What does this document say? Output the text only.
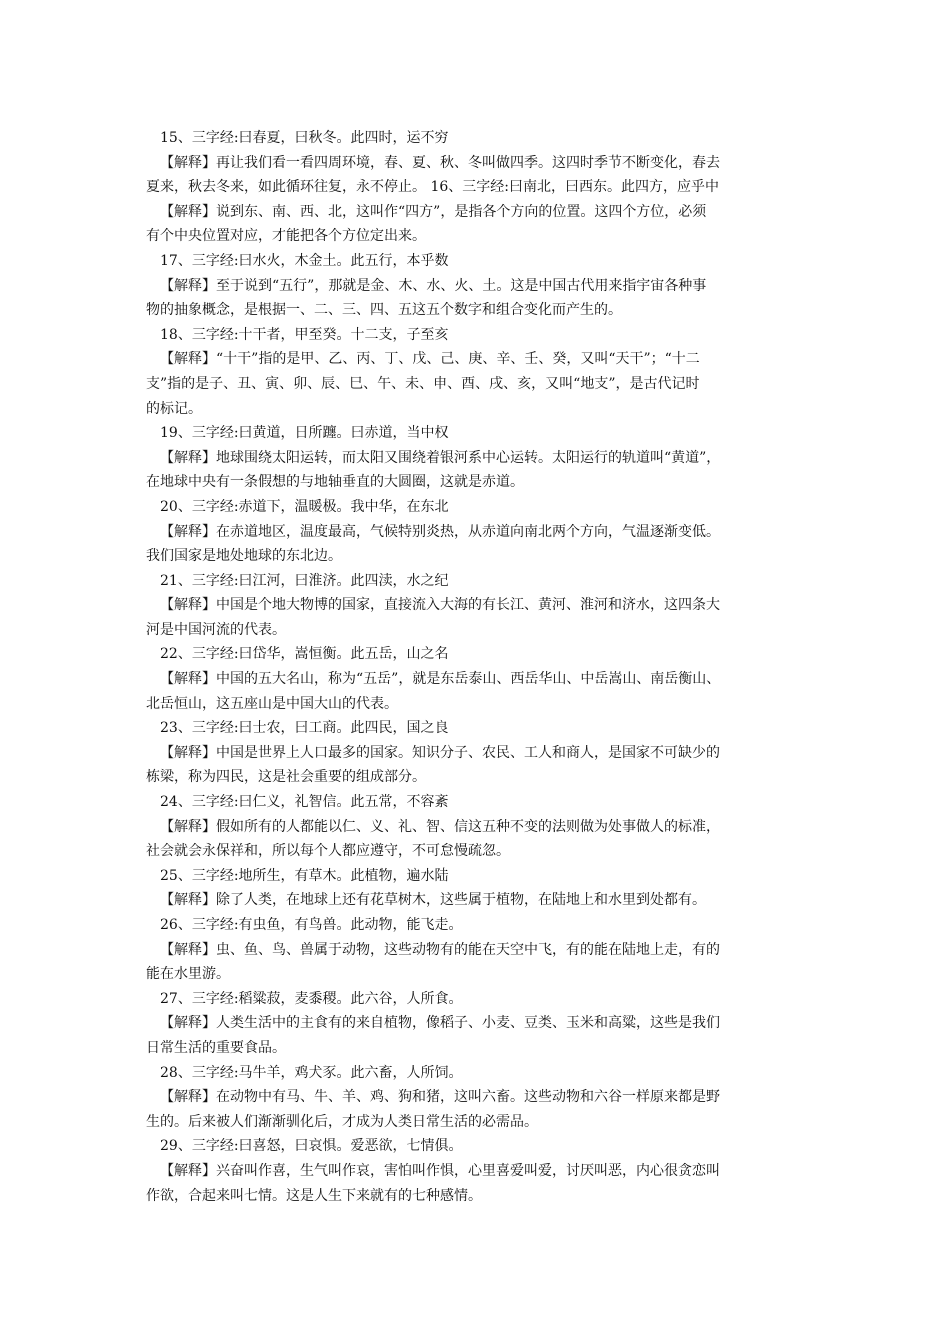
15、三字经:曰春夏，曰秋冬。此四时，运不穷
【解释】再让我们看一看四周环境，春、夏、秋、冬叫做四季。这四时季节不断变化，春去
夏来，秋去冬来，如此循环往复，永不停止。 16、三字经:曰南北，曰西东。此四方，应乎中
【解释】说到东、南、西、北，这叫作“四方”，是指各个方向的位置。这四个方位，必须
有个中央位置对应，才能把各个方位定出来。
17、三字经:曰水火，木金土。此五行，本乎数
【解释】至于说到“五行”，那就是金、木、水、火、土。这是中国古代用来指宇宙各种事
物的抽象概念，是根据一、二、三、四、五这五个数字和组合变化而产生的。
18、三字经:十干者，甲至癸。十二支，子至亥
【解释】“十干”指的是甲、乙、丙、丁、戊、己、庚、辛、壬、癸，又叫“天干”；“十二
支”指的是子、丑、寅、卯、辰、巳、午、未、申、酉、戌、亥，又叫“地支”，是古代记时
的标记。
19、三字经:曰黄道，日所躔。曰赤道，当中权
【解释】地球围绕太阳运转，而太阳又围绕着银河系中心运转。太阳运行的轨道叫“黄道”，
在地球中央有一条假想的与地轴垂直的大圆圈，这就是赤道。
20、三字经:赤道下，温暖极。我中华，在东北
【解释】在赤道地区，温度最高，气候特别炎热，从赤道向南北两个方向，气温逐渐变低。
我们国家是地处地球的东北边。
21、三字经:曰江河，曰淮济。此四渎，水之纪
【解释】中国是个地大物博的国家，直接流入大海的有长江、黄河、淮河和济水，这四条大
河是中国河流的代表。
22、三字经:曰岱华，嵩恒衡。此五岳，山之名
【解释】中国的五大名山，称为“五岳”，就是东岳泰山、西岳华山、中岳嵩山、南岳衡山、
北岳恒山，这五座山是中国大山的代表。
23、三字经:曰士农，曰工商。此四民，国之良
【解释】中国是世界上人口最多的国家。知识分子、农民、工人和商人，是国家不可缺少的
栋梁，称为四民，这是社会重要的组成部分。
24、三字经:曰仁义，礼智信。此五常，不容紊
【解释】假如所有的人都能以仁、义、礼、智、信这五种不变的法则做为处事做人的标准，
社会就会永保祥和，所以每个人都应遵守，不可怠慢疏忽。
25、三字经:地所生，有草木。此植物，遍水陆
【解释】除了人类，在地球上还有花草树木，这些属于植物，在陆地上和水里到处都有。
26、三字经:有虫鱼，有鸟兽。此动物，能飞走。
【解释】虫、鱼、鸟、兽属于动物，这些动物有的能在天空中飞，有的能在陆地上走，有的
能在水里游。
27、三字经:稻粱菽，麦黍稷。此六谷，人所食。
【解释】人类生活中的主食有的来自植物，像稻子、小麦、豆类、玉米和高粱，这些是我们
日常生活的重要食品。
28、三字经:马牛羊，鸡犬豕。此六畜，人所饲。
【解释】在动物中有马、牛、羊、鸡、狗和猪，这叫六畜。这些动物和六谷一样原来都是野
生的。后来被人们渐渐驯化后，才成为人类日常生活的必需品。
29、三字经:曰喜怒，曰哀惧。爱恶欲，七情俱。
【解释】兴奋叫作喜，生气叫作哀，害怕叫作惧，心里喜爱叫爱，讨厌叫恶，内心很贪恋叫
作欲，合起来叫七情。这是人生下来就有的七种感情。
